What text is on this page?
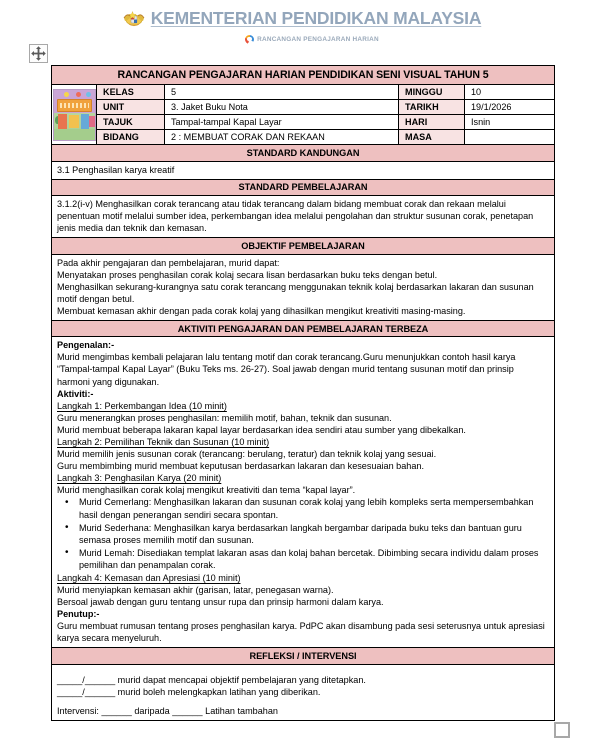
KEMENTERIAN PENDIDIKAN MALAYSIA
RANCANGAN PENGAJARAN HARIAN
RANCANGAN PENGAJARAN HARIAN PENDIDIKAN SENI VISUAL TAHUN 5				

	KELAS	5	MINGGU	10
	UNIT	3. Jaket Buku Nota	TARIKH	19/1/2026
	TAJUK	Tampal-tampal Kapal Layar	HARI	Isnin
	BIDANG	2 : MEMBUAT CORAK DAN REKAAN	MASA	
STANDARD KANDUNGAN				
3.1 Penghasilan karya kreatif				
STANDARD PEMBELAJARAN				
3.1.2(i-v) Menghasilkan corak terancang atau tidak terancang dalam bidang membuat corak dan rekaan melalui penentuan motif melalui sumber idea, perkembangan idea melalui pengolahan dan struktur susunan corak, penetapan jenis media dan teknik dan kemasan.				
OBJEKTIF PEMBELAJARAN				

Pada akhir pengajaran dan pembelajaran, murid dapat:

Menyatakan proses penghasilan corak kolaj secara lisan berdasarkan buku teks dengan betul.

Menghasilkan sekurang-kurangnya satu corak terancang menggunakan teknik kolaj berdasarkan lakaran dan susunan motif dengan betul.

Membuat kemasan akhir dengan pada corak kolaj yang dihasilkan mengikut kreativiti masing-masing.				

AKTIVITI PENGAJARAN DAN PEMBELAJARAN TERBEZA				

Pengenalan:-

Murid mengimbas kembali pelajaran lalu tentang motif dan corak terancang.Guru menunjukkan contoh hasil karya “Tampal-tampal Kapal Layar” (Buku Teks ms. 26-27). Soal jawab dengan murid tentang susunan motif dan prinsip harmoni yang digunakan.

Aktiviti:-

Langkah 1: Perkembangan Idea (10 minit)

Guru menerangkan proses penghasilan: memilih motif, bahan, teknik dan susunan.

Murid membuat beberapa lakaran kapal layar berdasarkan idea sendiri atau sumber yang dibekalkan.

Langkah 2: Pemilihan Teknik dan Susunan (10 minit)

Murid memilih jenis susunan corak (terancang: berulang, teratur) dan teknik kolaj yang sesuai.

Guru membimbing murid membuat keputusan berdasarkan lakaran dan kesesuaian bahan.

Langkah 3: Penghasilan Karya (20 minit)

Murid menghasilkan corak kolaj mengikut kreativiti dan tema “kapal layar”.

• Murid Cemerlang: Menghasilkan lakaran dan susunan corak kolaj yang lebih kompleks serta mempersembahkan hasil dengan penerangan sendiri secara spontan.
• Murid Sederhana: Menghasilkan karya berdasarkan langkah bergambar daripada buku teks dan bantuan guru semasa proses memilih motif dan susunan.
• Murid Lemah: Disediakan templat lakaran asas dan kolaj bahan bercetak. Dibimbing secara individu dalam proses pemilihan dan penampalan corak.

Langkah 4: Kemasan dan Apresiasi (10 minit)

Murid menyiapkan kemasan akhir (garisan, latar, penegasan warna).

Bersoal jawab dengan guru tentang unsur rupa dan prinsip harmoni dalam karya.

Penutup:-

Guru membuat rumusan tentang proses penghasilan karya. PdPC akan disambung pada sesi seterusnya untuk apresiasi karya secara menyeluruh.

REFLEKSI / INTERVENSI				

_____/______ murid dapat mencapai objektif pembelajaran yang ditetapkan.

_____/______ murid boleh melengkapkan latihan yang diberikan.

Intervensi: ______ daripada ______ Latihan tambahan				
